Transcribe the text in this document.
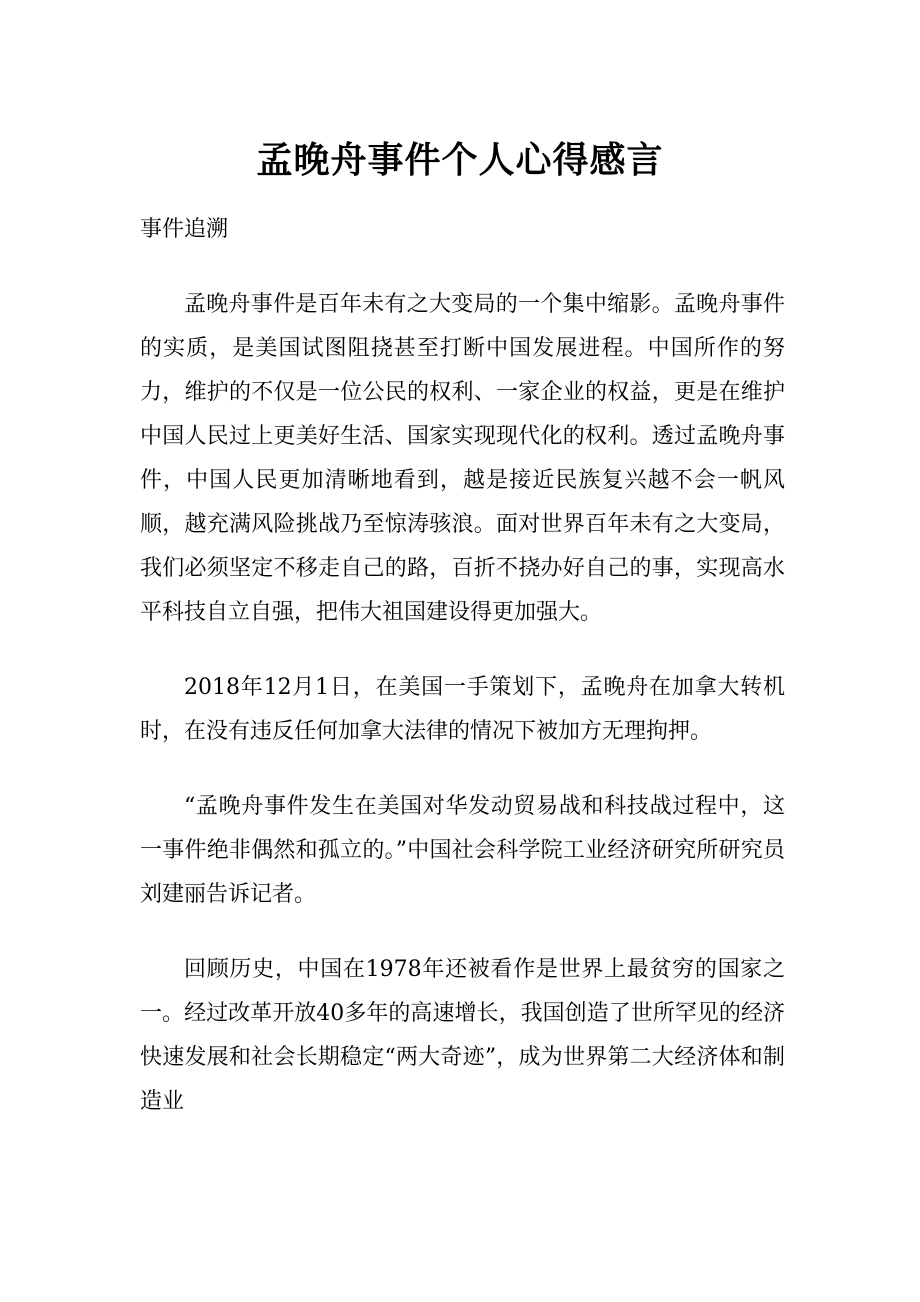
孟晚舟事件个人心得感言
事件追溯

孟晚舟事件是百年未有之大变局的一个集中缩影。孟晚舟事件的实质，是美国试图阻挠甚至打断中国发展进程。中国所作的努力，维护的不仅是一位公民的权利、一家企业的权益，更是在维护中国人民过上更美好生活、国家实现现代化的权利。透过孟晚舟事件，中国人民更加清晰地看到，越是接近民族复兴越不会一帆风顺，越充满风险挑战乃至惊涛骇浪。面对世界百年未有之大变局，我们必须坚定不移走自己的路，百折不挠办好自己的事，实现高水平科技自立自强，把伟大祖国建设得更加强大。

2018年12月1日，在美国一手策划下，孟晚舟在加拿大转机时，在没有违反任何加拿大法律的情况下被加方无理拘押。

“孟晚舟事件发生在美国对华发动贸易战和科技战过程中，这一事件绝非偶然和孤立的。”中国社会科学院工业经济研究所研究员刘建丽告诉记者。

回顾历史，中国在1978年还被看作是世界上最贫穷的国家之一。经过改革开放40多年的高速增长，我国创造了世所罕见的经济快速发展和社会长期稳定“两大奇迹”，成为世界第二大经济体和制造业
